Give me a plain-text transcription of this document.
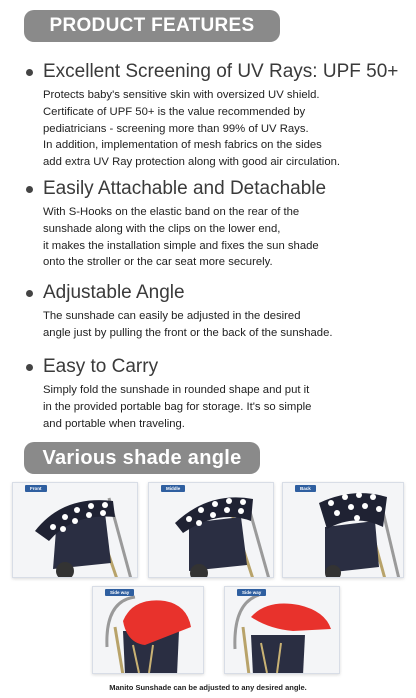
PRODUCT FEATURES
Excellent Screening of UV Rays: UPF 50+
Protects baby's sensitive skin with oversized UV shield.
Certificate of UPF 50+ is the value recommended by
pediatricians - screening more than 99% of UV Rays.
In addition, implementation of mesh fabrics on the sides
add extra UV Ray protection along with good air circulation.
Easily Attachable and Detachable
With S-Hooks on the elastic band on the rear of the
sunshade along with the clips on the lower end,
it makes the installation simple and fixes the sun shade
onto the stroller or the car seat more securely.
Adjustable Angle
The sunshade can easily be adjusted in the desired
angle just by pulling the front or the back of the sunshade.
Easy to Carry
Simply fold the sunshade in rounded shape and put it
in the provided portable bag for storage. It's so simple
and portable when traveling.
Various shade angle
Front	Middle	Back
Side way	Side way
Manito Sunshade can be adjusted to any desired angle.
